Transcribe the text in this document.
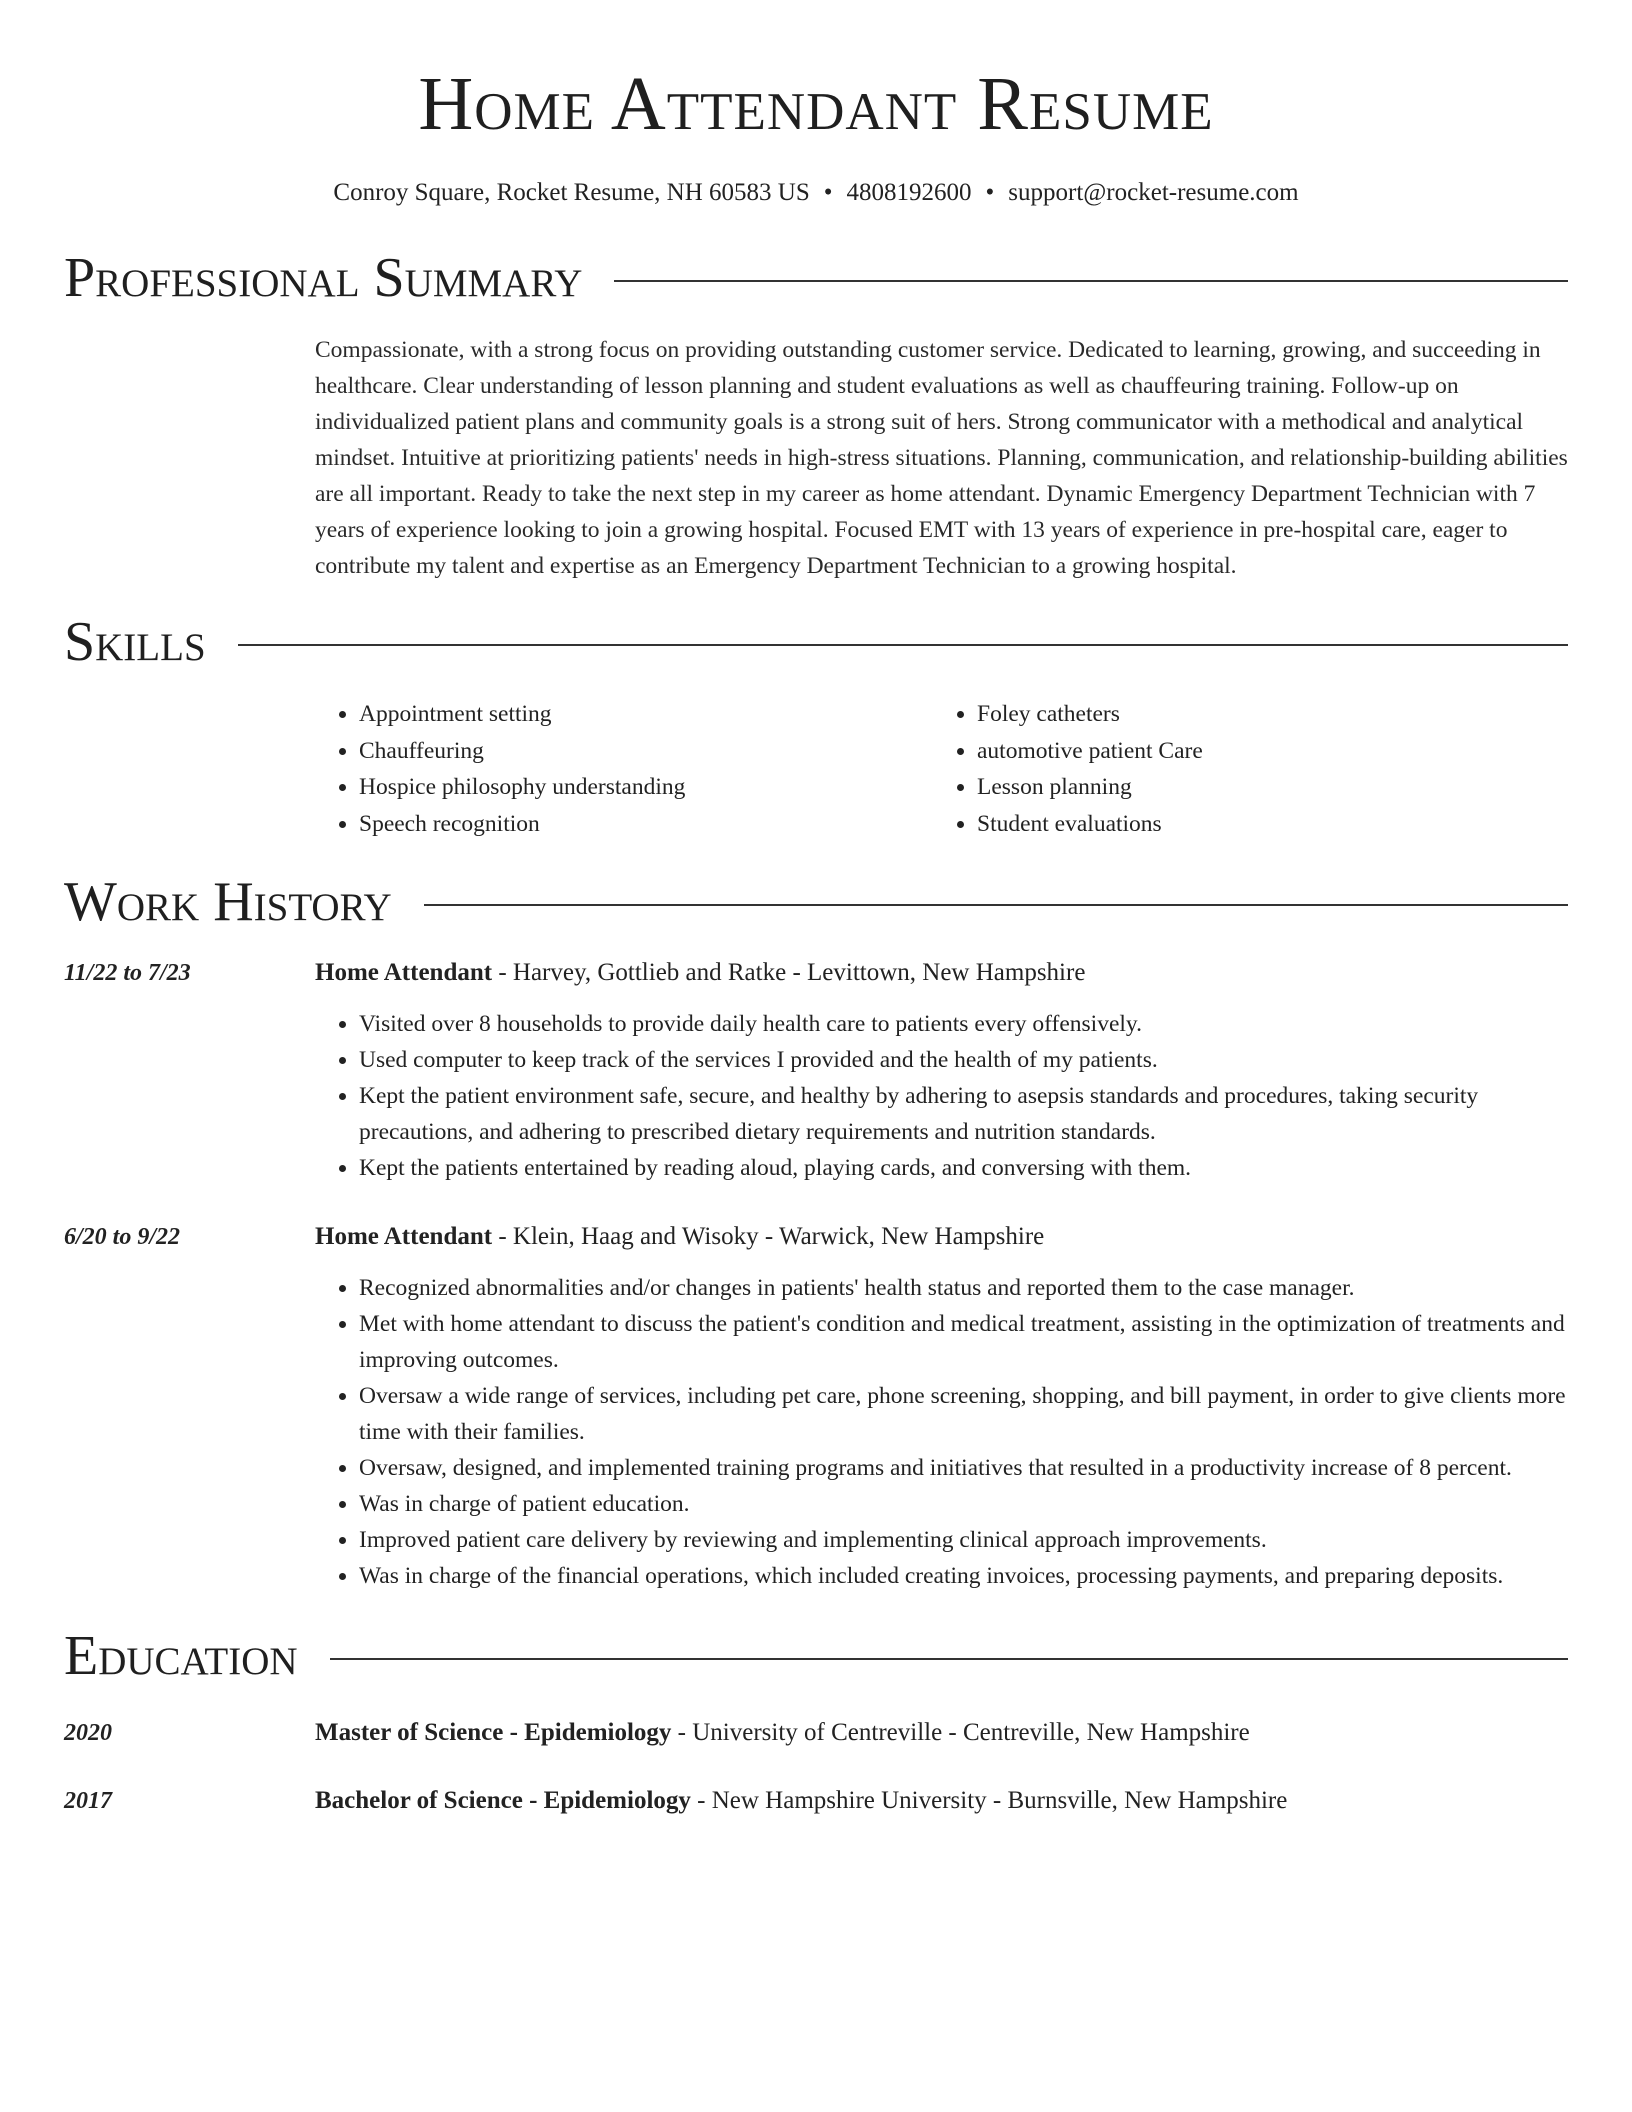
Home Attendant Resume
Conroy Square, Rocket Resume, NH 60583 US • 4808192600 • support@rocket-resume.com
Professional Summary
Compassionate, with a strong focus on providing outstanding customer service. Dedicated to learning, growing, and succeeding in healthcare. Clear understanding of lesson planning and student evaluations as well as chauffeuring training. Follow-up on individualized patient plans and community goals is a strong suit of hers. Strong communicator with a methodical and analytical mindset. Intuitive at prioritizing patients' needs in high-stress situations. Planning, communication, and relationship-building abilities are all important. Ready to take the next step in my career as home attendant. Dynamic Emergency Department Technician with 7 years of experience looking to join a growing hospital. Focused EMT with 13 years of experience in pre-hospital care, eager to contribute my talent and expertise as an Emergency Department Technician to a growing hospital.
Skills
• Appointment setting
• Chauffeuring
• Hospice philosophy understanding
• Speech recognition
• Foley catheters
• automotive patient Care
• Lesson planning
• Student evaluations
Work History
11/22 to 7/23	Home Attendant - Harvey, Gottlieb and Ratke - Levittown, New Hampshire
• Visited over 8 households to provide daily health care to patients every offensively.
• Used computer to keep track of the services I provided and the health of my patients.
• Kept the patient environment safe, secure, and healthy by adhering to asepsis standards and procedures, taking security precautions, and adhering to prescribed dietary requirements and nutrition standards.
• Kept the patients entertained by reading aloud, playing cards, and conversing with them.
6/20 to 9/22	Home Attendant - Klein, Haag and Wisoky - Warwick, New Hampshire
• Recognized abnormalities and/or changes in patients' health status and reported them to the case manager.
• Met with home attendant to discuss the patient's condition and medical treatment, assisting in the optimization of treatments and improving outcomes.
• Oversaw a wide range of services, including pet care, phone screening, shopping, and bill payment, in order to give clients more time with their families.
• Oversaw, designed, and implemented training programs and initiatives that resulted in a productivity increase of 8 percent.
• Was in charge of patient education.
• Improved patient care delivery by reviewing and implementing clinical approach improvements.
• Was in charge of the financial operations, which included creating invoices, processing payments, and preparing deposits.
Education
2020	Master of Science - Epidemiology - University of Centreville - Centreville, New Hampshire
2017	Bachelor of Science - Epidemiology - New Hampshire University - Burnsville, New Hampshire
